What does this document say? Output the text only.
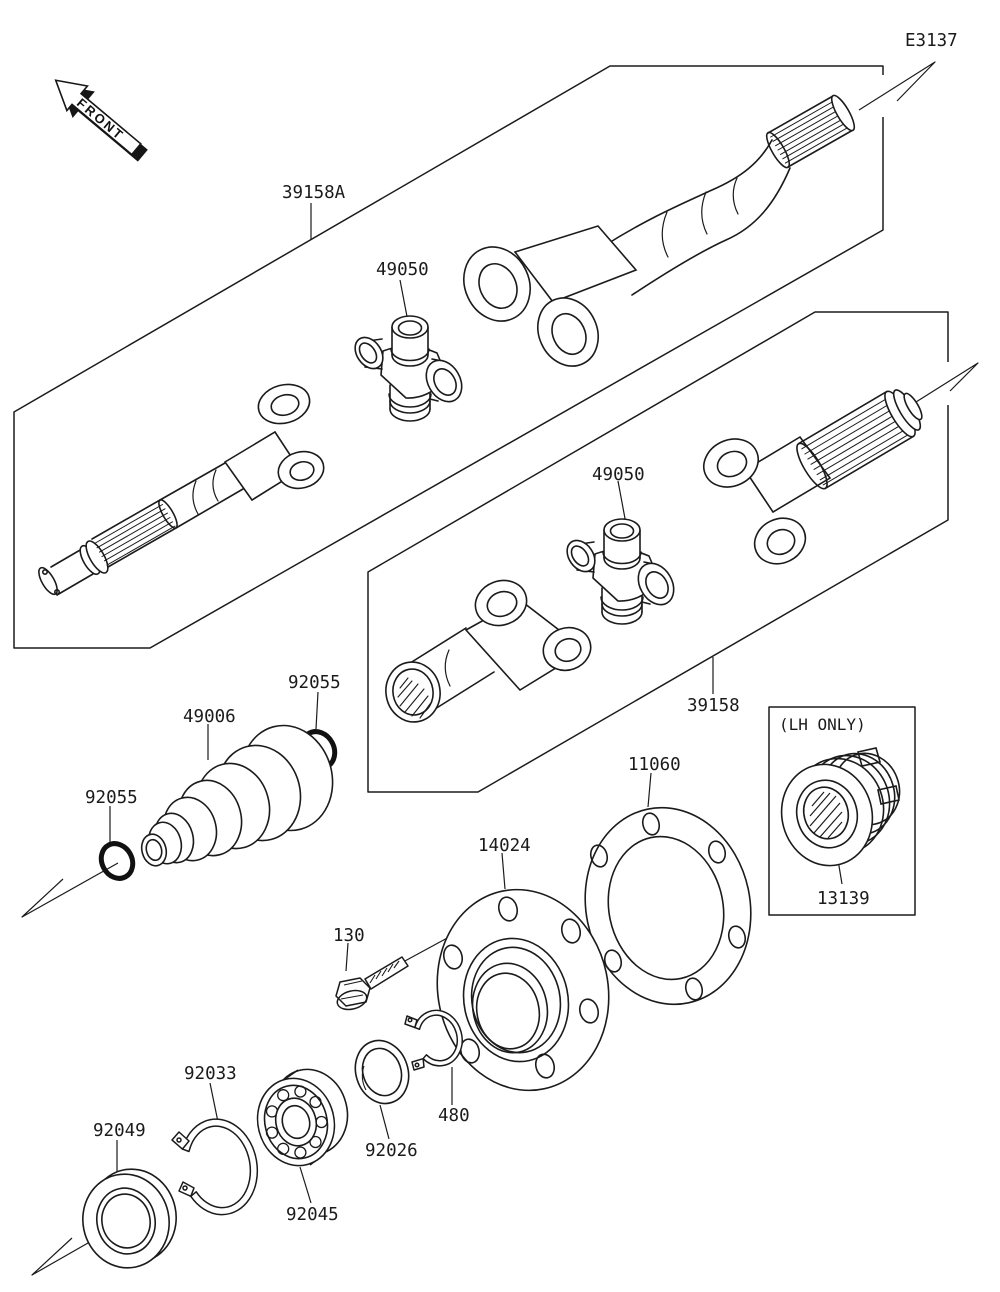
FRONT
E3137
39158A
49050
49050
39158
92055
49006
92055
11060
14024
130
92033
92049
92045
92026
480
(LH ONLY)
13139
